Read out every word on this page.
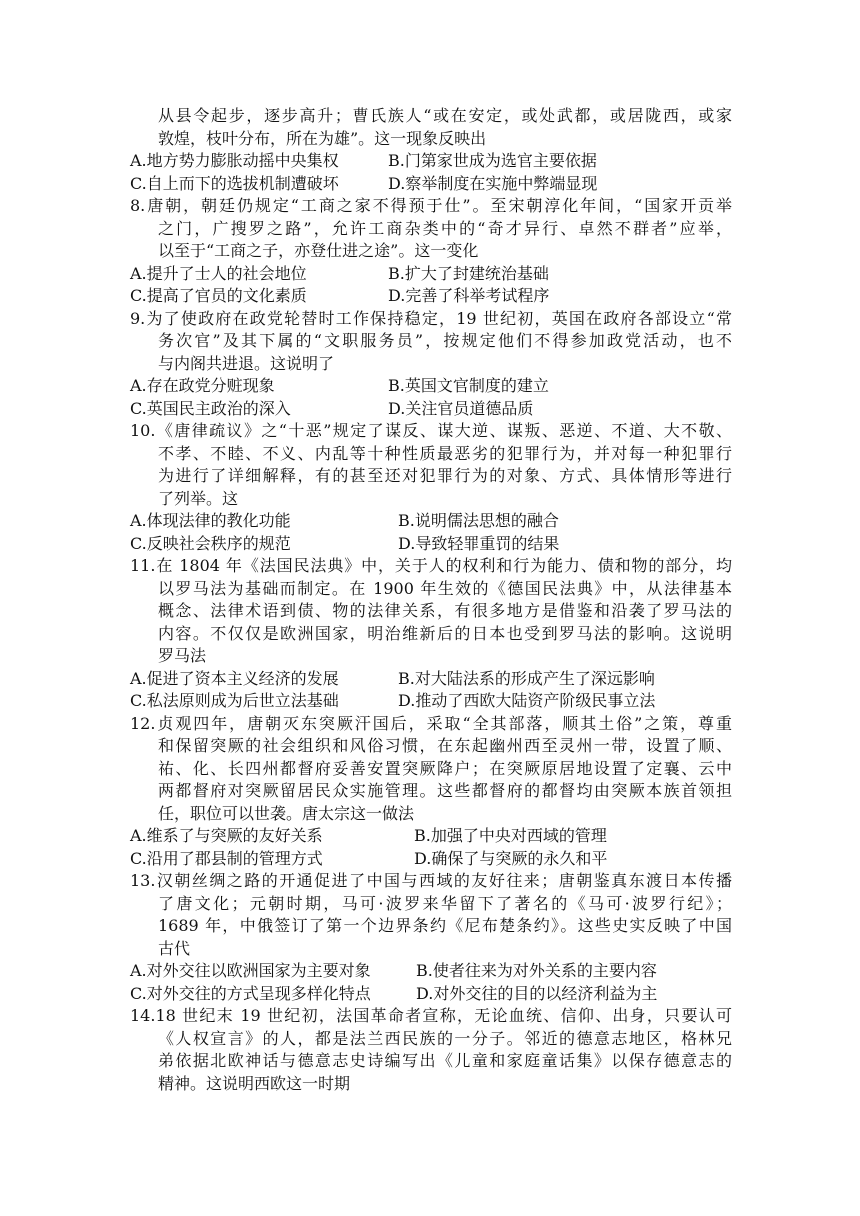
从县令起步，逐步高升；曹氏族人“或在安定，或处武都，或居陇西，或家
敦煌，枝叶分布，所在为雄”。这一现象反映出
A.地方势力膨胀动摇中央集权	B.门第家世成为选官主要依据
C.自上而下的选拔机制遭破坏	D.察举制度在实施中弊端显现
8.唐朝，朝廷仍规定“工商之家不得预于仕”。至宋朝淳化年间，“国家开贡举
之门，广搜罗之路”，允许工商杂类中的“奇才异行、卓然不群者”应举，
以至于“工商之子，亦登仕进之途”。这一变化
A.提升了士人的社会地位	B.扩大了封建统治基础
C.提高了官员的文化素质	D.完善了科举考试程序
9.为了使政府在政党轮替时工作保持稳定，19 世纪初，英国在政府各部设立“常
务次官”及其下属的“文职服务员”，按规定他们不得参加政党活动，也不
与内阁共进退。这说明了
A.存在政党分赃现象	B.英国文官制度的建立
C.英国民主政治的深入	D.关注官员道德品质
10.《唐律疏议》之“十恶”规定了谋反、谋大逆、谋叛、恶逆、不道、大不敬、
不孝、不睦、不义、内乱等十种性质最恶劣的犯罪行为，并对每一种犯罪行
为进行了详细解释，有的甚至还对犯罪行为的对象、方式、具体情形等进行
了列举。这
A.体现法律的教化功能	B.说明儒法思想的融合
C.反映社会秩序的规范	D.导致轻罪重罚的结果
11.在 1804 年《法国民法典》中，关于人的权利和行为能力、债和物的部分，均
以罗马法为基础而制定。在 1900 年生效的《德国民法典》中，从法律基本
概念、法律术语到债、物的法律关系，有很多地方是借鉴和沿袭了罗马法的
内容。不仅仅是欧洲国家，明治维新后的日本也受到罗马法的影响。这说明
罗马法
A.促进了资本主义经济的发展	B.对大陆法系的形成产生了深远影响
C.私法原则成为后世立法基础	D.推动了西欧大陆资产阶级民事立法
12.贞观四年，唐朝灭东突厥汗国后，采取“全其部落，顺其土俗”之策，尊重
和保留突厥的社会组织和风俗习惯，在东起幽州西至灵州一带，设置了顺、
祐、化、长四州都督府妥善安置突厥降户；在突厥原居地设置了定襄、云中
两都督府对突厥留居民众实施管理。这些都督府的都督均由突厥本族首领担
任，职位可以世袭。唐太宗这一做法
A.维系了与突厥的友好关系	B.加强了中央对西域的管理
C.沿用了郡县制的管理方式	D.确保了与突厥的永久和平
13.汉朝丝绸之路的开通促进了中国与西域的友好往来；唐朝鉴真东渡日本传播
了唐文化；元朝时期，马可·波罗来华留下了著名的《马可·波罗行纪》；
1689 年，中俄签订了第一个边界条约《尼布楚条约》。这些史实反映了中国
古代
A.对外交往以欧洲国家为主要对象	B.使者往来为对外关系的主要内容
C.对外交往的方式呈现多样化特点	D.对外交往的目的以经济利益为主
14.18 世纪末 19 世纪初，法国革命者宣称，无论血统、信仰、出身，只要认可
《人权宣言》的人，都是法兰西民族的一分子。邻近的德意志地区，格林兄
弟依据北欧神话与德意志史诗编写出《儿童和家庭童话集》以保存德意志的
精神。这说明西欧这一时期
